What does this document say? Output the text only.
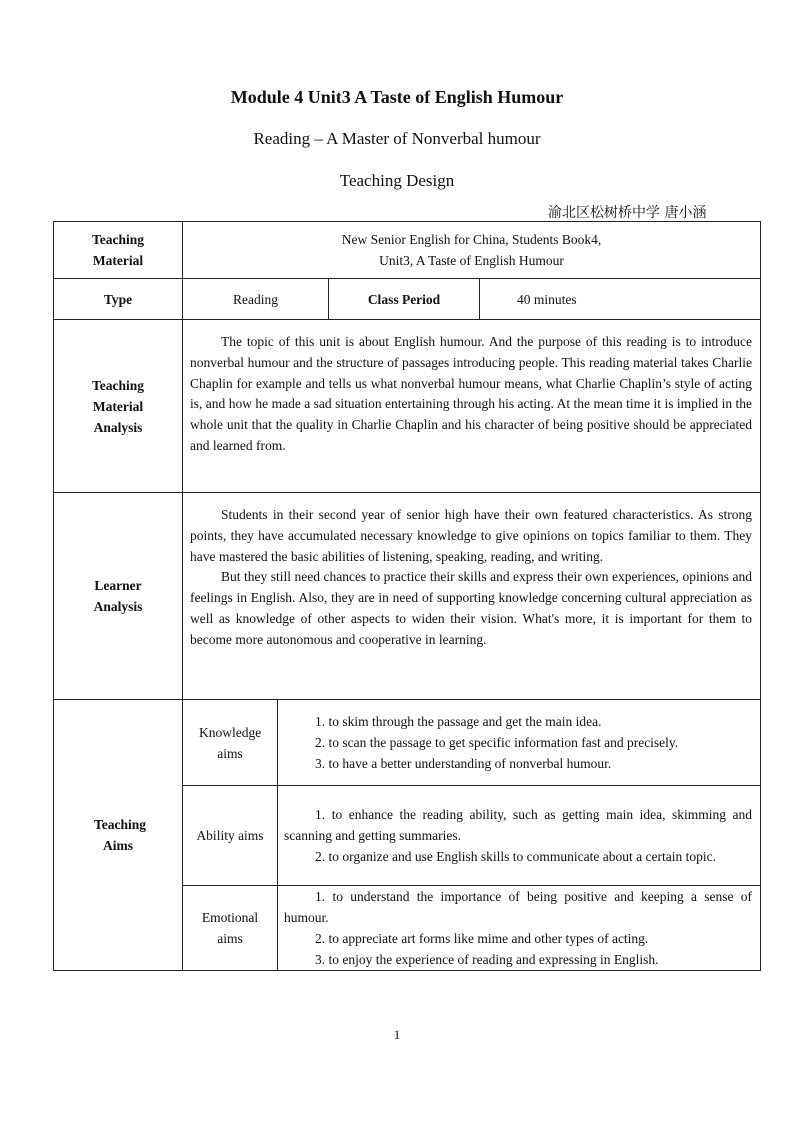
Module 4 Unit3 A Taste of English Humour
Reading – A Master of Nonverbal humour
Teaching Design
渝北区松树桥中学 唐小涵
Teaching Material	New Senior English for China, Students Book4,
Unit3, A Taste of English Humour			

Type	Reading		Class Period	40 minutes

Teaching Material Analysis	The topic of this unit is about English humour. And the purpose of this reading is to introduce nonverbal humour and the structure of passages introducing people. This reading material takes Charlie Chaplin for example and tells us what nonverbal humour means, what Charlie Chaplin’s style of acting is, and how he made a sad situation entertaining through his acting. At the mean time it is implied in the whole unit that the quality in Charlie Chaplin and his character of being positive should be appreciated and learned from.			

Learner Analysis	Students in their second year of senior high have their own featured characteristics. As strong points, they have accumulated necessary knowledge to give opinions on topics familiar to them. They have mastered the basic abilities of listening, speaking, reading, and writing.

But they still need chances to practice their skills and express their own experiences, opinions and feelings in English. Also, they are in need of supporting knowledge concerning cultural appreciation as well as knowledge of other aspects to widen their vision. What's more, it is important for them to become more autonomous and cooperative in learning.			

Teaching Aims	Knowledge aims	1. to skim through the passage and get the main idea.

2. to scan the passage to get specific information fast and precisely.

3. to have a better understanding of nonverbal humour.		

	Ability aims	1. to enhance the reading ability, such as getting main idea, skimming and scanning and getting summaries.

2. to organize and use English skills to communicate about a certain topic.		

	Emotional aims	1. to understand the importance of being positive and keeping a sense of humour.

2. to appreciate art forms like mime and other types of acting.

3. to enjoy the experience of reading and expressing in English.		

1
